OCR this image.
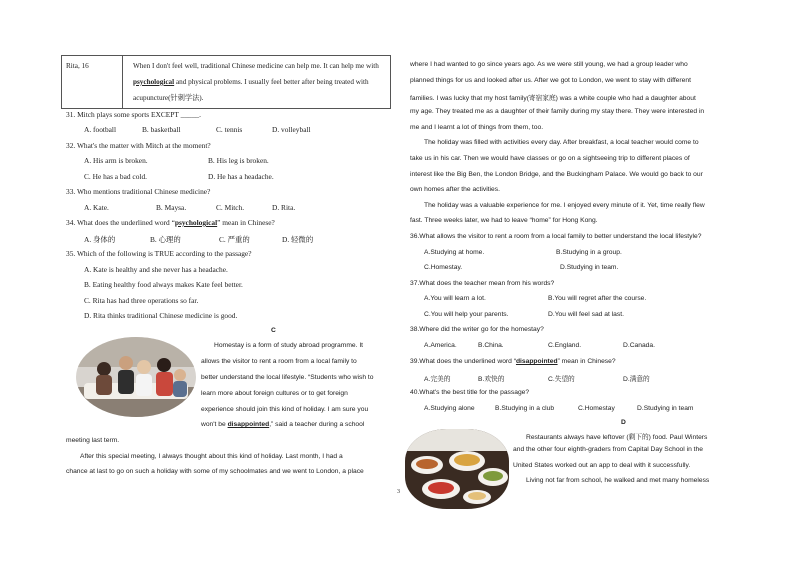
Rita, 16	When I don't feel well, traditional Chinese medicine can help me. It can help me with psychological and physical problems. I usually feel better after being treated with acupuncture(针刺学法).
31. Mitch plays some sports EXCEPT _____.
A. football	B. basketball	C. tennis	D. volleyball
32. What's the matter with Mitch at the moment?
A. His arm is broken.	B. His leg is broken.
C. He has a bad cold.	D. He has a headache.
33. Who mentions traditional Chinese medicine?
A. Kate.	B. Maysa.	C. Mitch.	D. Rita.
34. What does the underlined word “psychological” mean in Chinese?
A. 身体的	B. 心理的	C. 严重的	D. 轻微的
35. Which of the following is TRUE according to the passage?
A. Kate is healthy and she never has a headache.
B. Eating healthy food always makes Kate feel better.
C. Rita has had three operations so far.
D. Rita thinks traditional Chinese medicine is good.
C
Homestay is a form of study abroad programme. It
allows the visitor to rent a room from a local family to
better understand the local lifestyle. “Students who wish to
learn more about foreign cultures or to get foreign
experience should join this kind of holiday. I am sure you
won't be disappointed,” said a teacher during a school
meeting last term.
After this special meeting, I always thought about this kind of holiday. Last month, I had a
chance at last to go on such a holiday with some of my schoolmates and we went to London, a place
where I had wanted to go since years ago. As we were still young, we had a group leader who
planned things for us and looked after us. After we got to London, we went to stay with different
families. I was lucky that my host family(寄宿家庭) was a white couple who had a daughter about
my age. They treated me as a daughter of their family during my stay there. They were interested in
me and I learnt a lot of things from them, too.
The holiday was filled with activities every day. After breakfast, a local teacher would come to
take us in his car. Then we would have classes or go on a sightseeing trip to different places of
interest like the Big Ben, the London Bridge, and the Buckingham Palace. We would go back to our
own homes after the activities.
The holiday was a valuable experience for me. I enjoyed every minute of it. Yet, time really flew
fast. Three weeks later, we had to leave “home” for Hong Kong.
36.What allows the visitor to rent a room from a local family to better understand the local lifestyle?
A.Studying at home.	B.Studying in a group.
C.Homestay.	D.Studying in team.
37.What does the teacher mean from his words?
A.You will learn a lot.	B.You will regret after the course.
C.You will help your parents.	D.You will feel sad at last.
38.Where did the writer go for the homestay?
A.America.	B.China.	C.England.	D.Canada.
39.What does the underlined word “disappointed” mean in Chinese?
A.完美的	B.欢快的	C.失望的	D.满意的
40.What's the best title for the passage?
A.Studying alone	B.Studying in a club	C.Homestay	D.Studying in team
D
Restaurants always have leftover (剩下的) food. Paul Winters
and the other four eighth-graders from Capital Day School in the
United States worked out an app to deal with it successfully.
Living not far from school, he walked and met many homeless
3
